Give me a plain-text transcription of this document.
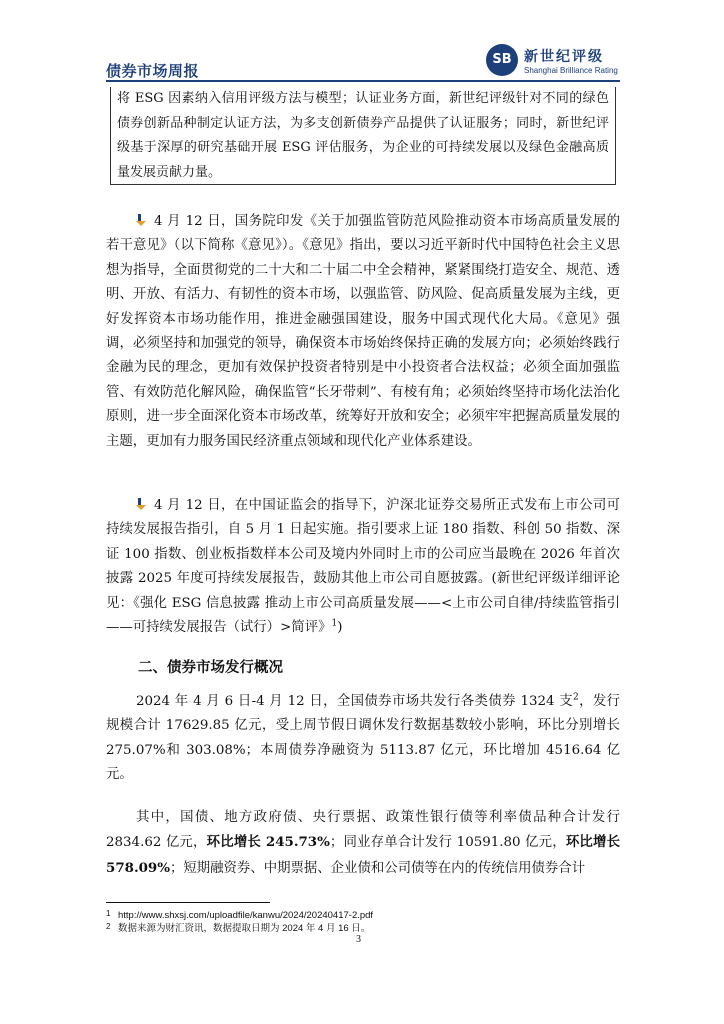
债券市场周报
SB 新世纪评级
Shanghai Brilliance Rating
将 ESG 因素纳入信用评级方法与模型；认证业务方面，新世纪评级针对不同的绿色债券创新品种制定认证方法，为多支创新债券产品提供了认证服务；同时，新世纪评级基于深厚的研究基础开展 ESG 评估服务，为企业的可持续发展以及绿色金融高质量发展贡献力量。

4 月 12 日，国务院印发《关于加强监管防范风险推动资本市场高质量发展的若干意见》（以下简称《意见》）。《意见》指出，要以习近平新时代中国特色社会主义思想为指导，全面贯彻党的二十大和二十届二中全会精神，紧紧围绕打造安全、规范、透明、开放、有活力、有韧性的资本市场，以强监管、防风险、促高质量发展为主线，更好发挥资本市场功能作用，推进金融强国建设，服务中国式现代化大局。《意见》强调，必须坚持和加强党的领导，确保资本市场始终保持正确的发展方向；必须始终践行金融为民的理念，更加有效保护投资者特别是中小投资者合法权益；必须全面加强监管、有效防范化解风险，确保监管“长牙带刺”、有棱有角；必须始终坚持市场化法治化原则，进一步全面深化资本市场改革，统筹好开放和安全；必须牢牢把握高质量发展的主题，更加有力服务国民经济重点领域和现代化产业体系建设。

4 月 12 日，在中国证监会的指导下，沪深北证券交易所正式发布上市公司可持续发展报告指引，自 5 月 1 日起实施。指引要求上证 180 指数、科创 50 指数、深证 100 指数、创业板指数样本公司及境内外同时上市的公司应当最晚在 2026 年首次披露 2025 年度可持续发展报告，鼓励其他上市公司自愿披露。(新世纪评级详细评论见：《强化 ESG 信息披露 推动上市公司高质量发展——<上市公司自律/持续监管指引——可持续发展报告（试行）>简评》$^1$)

二、债券市场发行概况

2024 年 4 月 6 日-4 月 12 日，全国债券市场共发行各类债券 1324 支$^2$，发行规模合计 17629.85 亿元，受上周节假日调休发行数据基数较小影响，环比分别增长 275.07%和 303.08%；本周债券净融资为 5113.87 亿元，环比增加 4516.64 亿元。

其中，国债、地方政府债、央行票据、政策性银行债等利率债品种合计发行 2834.62 亿元，环比增长 245.73%；同业存单合计发行 10591.80 亿元，环比增长 578.09%；短期融资券、中期票据、企业债和公司债等在内的传统信用债券合计

1 http://www.shxsj.com/uploadfile/kanwu/2024/20240417-2.pdf
2 数据来源为财汇资讯，数据提取日期为 2024 年 4 月 16 日。
3
